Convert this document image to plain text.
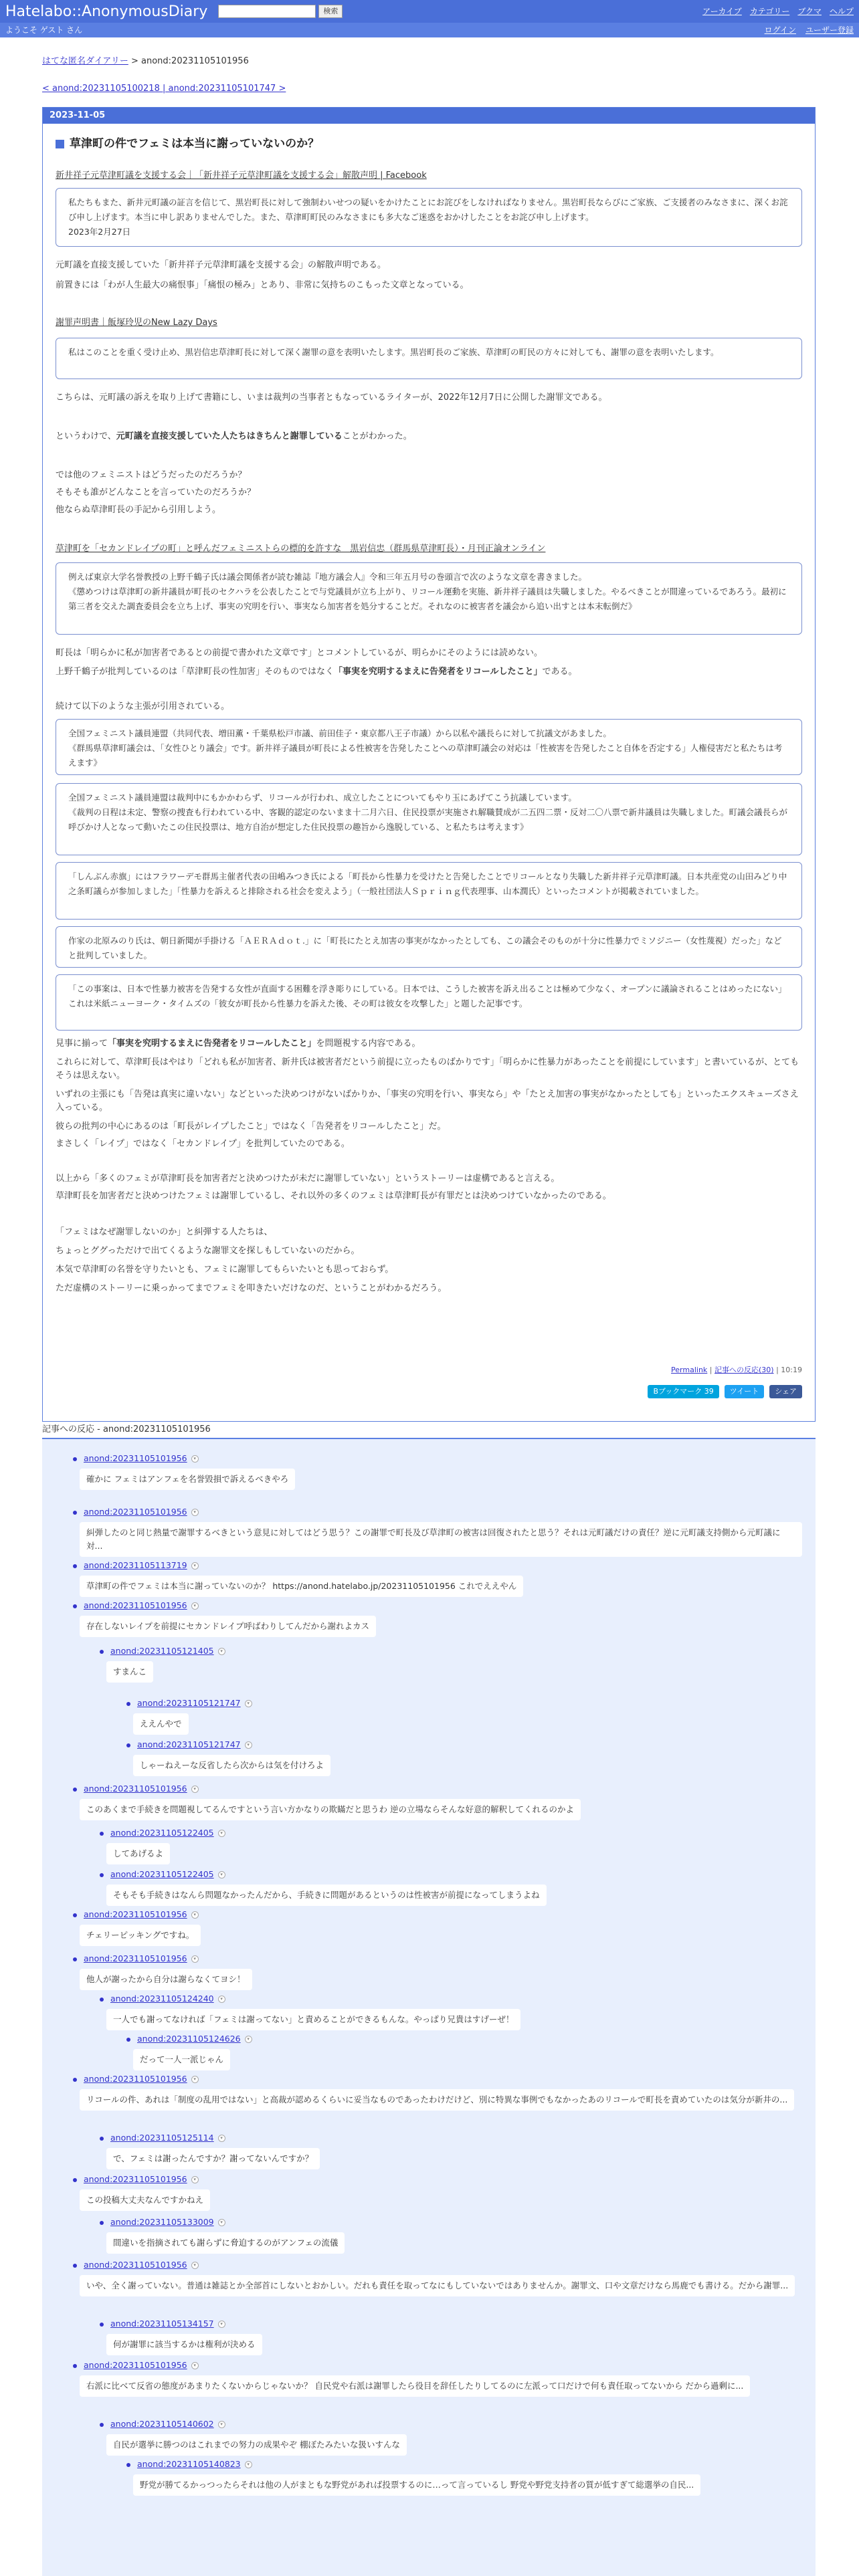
Hatelabo::AnonymousDiary	検索	アーカイブ カテゴリー ブクマ ヘルプ
ようこそ ゲスト さん	ログイン ユーザー登録
はてな匿名ダイアリー > anond:20231105101956
< anond:20231105100218 | anond:20231105101747 >
2023-11-05
草津町の件でフェミは本当に謝っていないのか？
新井祥子元草津町議を支援する会｜「新井祥子元草津町議を支援する会」解散声明 | Facebook
私たちもまた、新井元町議の証言を信じて、黒岩町長に対して強制わいせつの疑いをかけたことにお詫びをしなければなりません。黒岩町長ならびにご家族、ご支援者のみなさまに、深くお詫び申し上げます。本当に申し訳ありませんでした。また、草津町町民のみなさまにも多大なご迷惑をおかけしたことをお詫び申し上げます。
2023年2月27日
元町議を直接支援していた「新井祥子元草津町議を支援する会」の解散声明である。
前置きには「わが人生最大の痛恨事」「痛恨の極み」とあり、非常に気持ちのこもった文章となっている。
謝罪声明書｜飯塚玲児のNew Lazy Days
私はこのことを重く受け止め、黒岩信忠草津町長に対して深く謝罪の意を表明いたします。黒岩町長のご家族、草津町の町民の方々に対しても、謝罪の意を表明いたします。
こちらは、元町議の訴えを取り上げて書籍にし、いまは裁判の当事者ともなっているライターが、2022年12月7日に公開した謝罪文である。
というわけで、元町議を直接支援していた人たちはきちんと謝罪していることがわかった。
では他のフェミニストはどうだったのだろうか？
そもそも誰がどんなことを言っていたのだろうか？
他ならぬ草津町長の手記から引用しよう。
草津町を「セカンドレイプの町」と呼んだフェミニストらの標的を許すな　黒岩信忠（群馬県草津町長）・月刊正論オンライン
例えば東京大学名誉教授の上野千鶴子氏は議会関係者が読む雑誌『地方議会人』令和三年五月号の巻頭言で次のような文章を書きました。
《懲めつけは草津町の新井議員が町長のセクハラを公表したことで与党議員が立ち上がり、リコール運動を実施、新井祥子議員は失職しました。やるべきことが間違っているであろう。最初に第三者を交えた調査委員会を立ち上げ、事実の究明を行い、事実なら加害者を処分することだ。それなのに被害者を議会から追い出すとは本末転倒だ》
町長は「明らかに私が加害者であるとの前提で書かれた文章です」とコメントしているが、明らかにそのようには読めない。
上野千鶴子が批判しているのは「草津町長の性加害」そのものではなく「事実を究明するまえに告発者をリコールしたこと」である。
続けて以下のような主張が引用されている。
全国フェミニスト議員連盟（共同代表、増田薫・千葉県松戸市議、前田佳子・東京都八王子市議）から以私や議長らに対して抗議文があました。
《群馬県草津町議会は、「女性ひとり議会」です。新井祥子議員が町長による性被害を告発したことへの草津町議会の対応は「性被害を告発したこと自体を否定する」人権侵害だと私たちは考えます》
全国フェミニスト議員連盟は裁判中にもかかわらず、リコールが行われ、成立したことについてもやり玉にあげてこう抗議しています。
《裁判の日程は未定、警察の捜査も行われている中、客観的認定のないまま十二月六日、住民投票が実施され解職賛成が二五四二票・反対二〇八票で新井議員は失職しました。町議会議長らが呼びかけ人となって動いたこの住民投票は、地方自治が想定した住民投票の趣旨から逸脱している、と私たちは考えます》
「しんぶん赤旗」にはフラワーデモ群馬主催者代表の田嶋みつき氏による「町長から性暴力を受けたと告発したことでリコールとなり失職した新井祥子元草津町議。日本共産党の山田みどり中之条町議らが参加しました」「性暴力を訴えると排除される社会を変えよう」（一般社団法人Ｓｐｒｉｎｇ代表理事、山本潤氏）といったコメントが掲載されていました。
作家の北原みのり氏は、朝日新聞が手掛ける「ＡＥＲＡｄｏｔ.」に「町長にたとえ加害の事実がなかったとしても、この議会そのものが十分に性暴力でミソジニー（女性蔑視）だった」などと批判していました。
「この事案は、日本で性暴力被害を告発する女性が直面する困難を浮き彫りにしている。日本では、こうした被害を訴え出ることは極めて少なく、オープンに議論されることはめったにない」
これは米紙ニューヨーク・タイムズの「彼女が町長から性暴力を訴えた後、その町は彼女を攻撃した」と題した記事です。
見事に揃って「事実を究明するまえに告発者をリコールしたこと」を問題視する内容である。
これらに対して、草津町長はやはり「どれも私が加害者、新井氏は被害者だという前提に立ったものばかりです」「明らかに性暴力があったことを前提にしています」と書いているが、とてもそうは思えない。
いずれの主張にも「告発は真実に違いない」などといった決めつけがないばかりか、「事実の究明を行い、事実なら」や「たとえ加害の事実がなかったとしても」といったエクスキューズさえ入っている。
彼らの批判の中心にあるのは「町長がレイプしたこと」ではなく「告発者をリコールしたこと」だ。
まさしく「レイプ」ではなく「セカンドレイプ」を批判していたのである。
以上から「多くのフェミが草津町長を加害者だと決めつけたが未だに謝罪していない」というストーリーは虚構であると言える。
草津町長を加害者だと決めつけたフェミは謝罪しているし、それ以外の多くのフェミは草津町長が有罪だとは決めつけていなかったのである。
「フェミはなぜ謝罪しないのか」と糾弾する人たちは、
ちょっとググっただけで出てくるような謝罪文を探しもしていないのだから。
本気で草津町の名誉を守りたいとも、フェミに謝罪してもらいたいとも思っておらず。
ただ虚構のストーリーに乗っかってまでフェミを叩きたいだけなのだ、ということがわかるだろう。
Permalink | 記事への反応(30) | 10:19
Bブックマーク 39	ツイート	シェア
記事への反応 - anond:20231105101956
anond:20231105101956 ▾
確かに フェミはアンフェを名誉毀損で訴えるべきやろ
anond:20231105101956 ▾
糾弾したのと同じ熱量で謝罪するべきという意見に対してはどう思う？この謝罪で町長及び草津町の被害は回復されたと思う？それは元町議だけの責任？逆に元町議支持側から元町議に対...
anond:20231105113719 ▾
草津町の件でフェミは本当に謝っていないのか？ https://anond.hatelabo.jp/20231105101956 これでええやん
anond:20231105101956 ▾
存在しないレイプを前提にセカンドレイプ呼ばわりしてんだから謝れよカス
anond:20231105121405 ▾
すまんこ
anond:20231105121747 ▾
ええんやで
anond:20231105121747 ▾
しゃーねえーな反省したら次からは気を付けろよ
anond:20231105101956 ▾
このあくまで手続きを問題視してるんですという言い方かなりの欺瞞だと思うわ 逆の立場ならそんな好意的解釈してくれるのかよ
anond:20231105122405 ▾
してあげるよ
anond:20231105122405 ▾
そもそも手続きはなんら問題なかったんだから、手続きに問題があるというのは性被害が前提になってしまうよね
anond:20231105101956 ▾
チェリーピッキングですね。
anond:20231105101956 ▾
他人が謝ったから自分は謝らなくてヨシ！
anond:20231105124240 ▾
一人でも謝ってなければ「フェミは謝ってない」と責めることができるもんな。やっぱり兄貴はすげーぜ！
anond:20231105124626 ▾
だって一人一派じゃん
anond:20231105101956 ▾
リコールの件、あれは「制度の乱用ではない」と高裁が認めるくらいに妥当なものであったわけだけど、別に特異な事例でもなかったあのリコールで町長を責めていたのは気分が新井の...
anond:20231105125114 ▾
で、フェミは謝ったんですか？謝ってないんですか？
anond:20231105101956 ▾
この投稿大丈夫なんですかねえ
anond:20231105133009 ▾
間違いを指摘されても謝らずに脅迫するのがアンフェの流儀
anond:20231105101956 ▾
いや、全く謝っていない。普通は雑誌とか全部首にしないとおかしい。だれも責任を取ってなにもしていないではありませんか。謝罪文、口や文章だけなら馬鹿でも書ける。だから謝罪...
anond:20231105134157 ▾
何が謝罪に該当するかは権利が決める
anond:20231105101956 ▾
右派に比べて反省の態度があまりたくないからじゃないか？ 自民党や右派は謝罪したら役目を辞任したりしてるのに左派って口だけで何も責任取ってないから だから過剰に...
anond:20231105140602 ▾
自民が選挙に勝つのはこれまでの努力の成果やぞ 棚ぼたみたいな扱いすんな
anond:20231105140823 ▾
野党が勝てるかっつったらそれは他の人がまともな野党があれば投票するのに…って言っているし 野党や野党支持者の質が低すぎて総選挙の自民...
